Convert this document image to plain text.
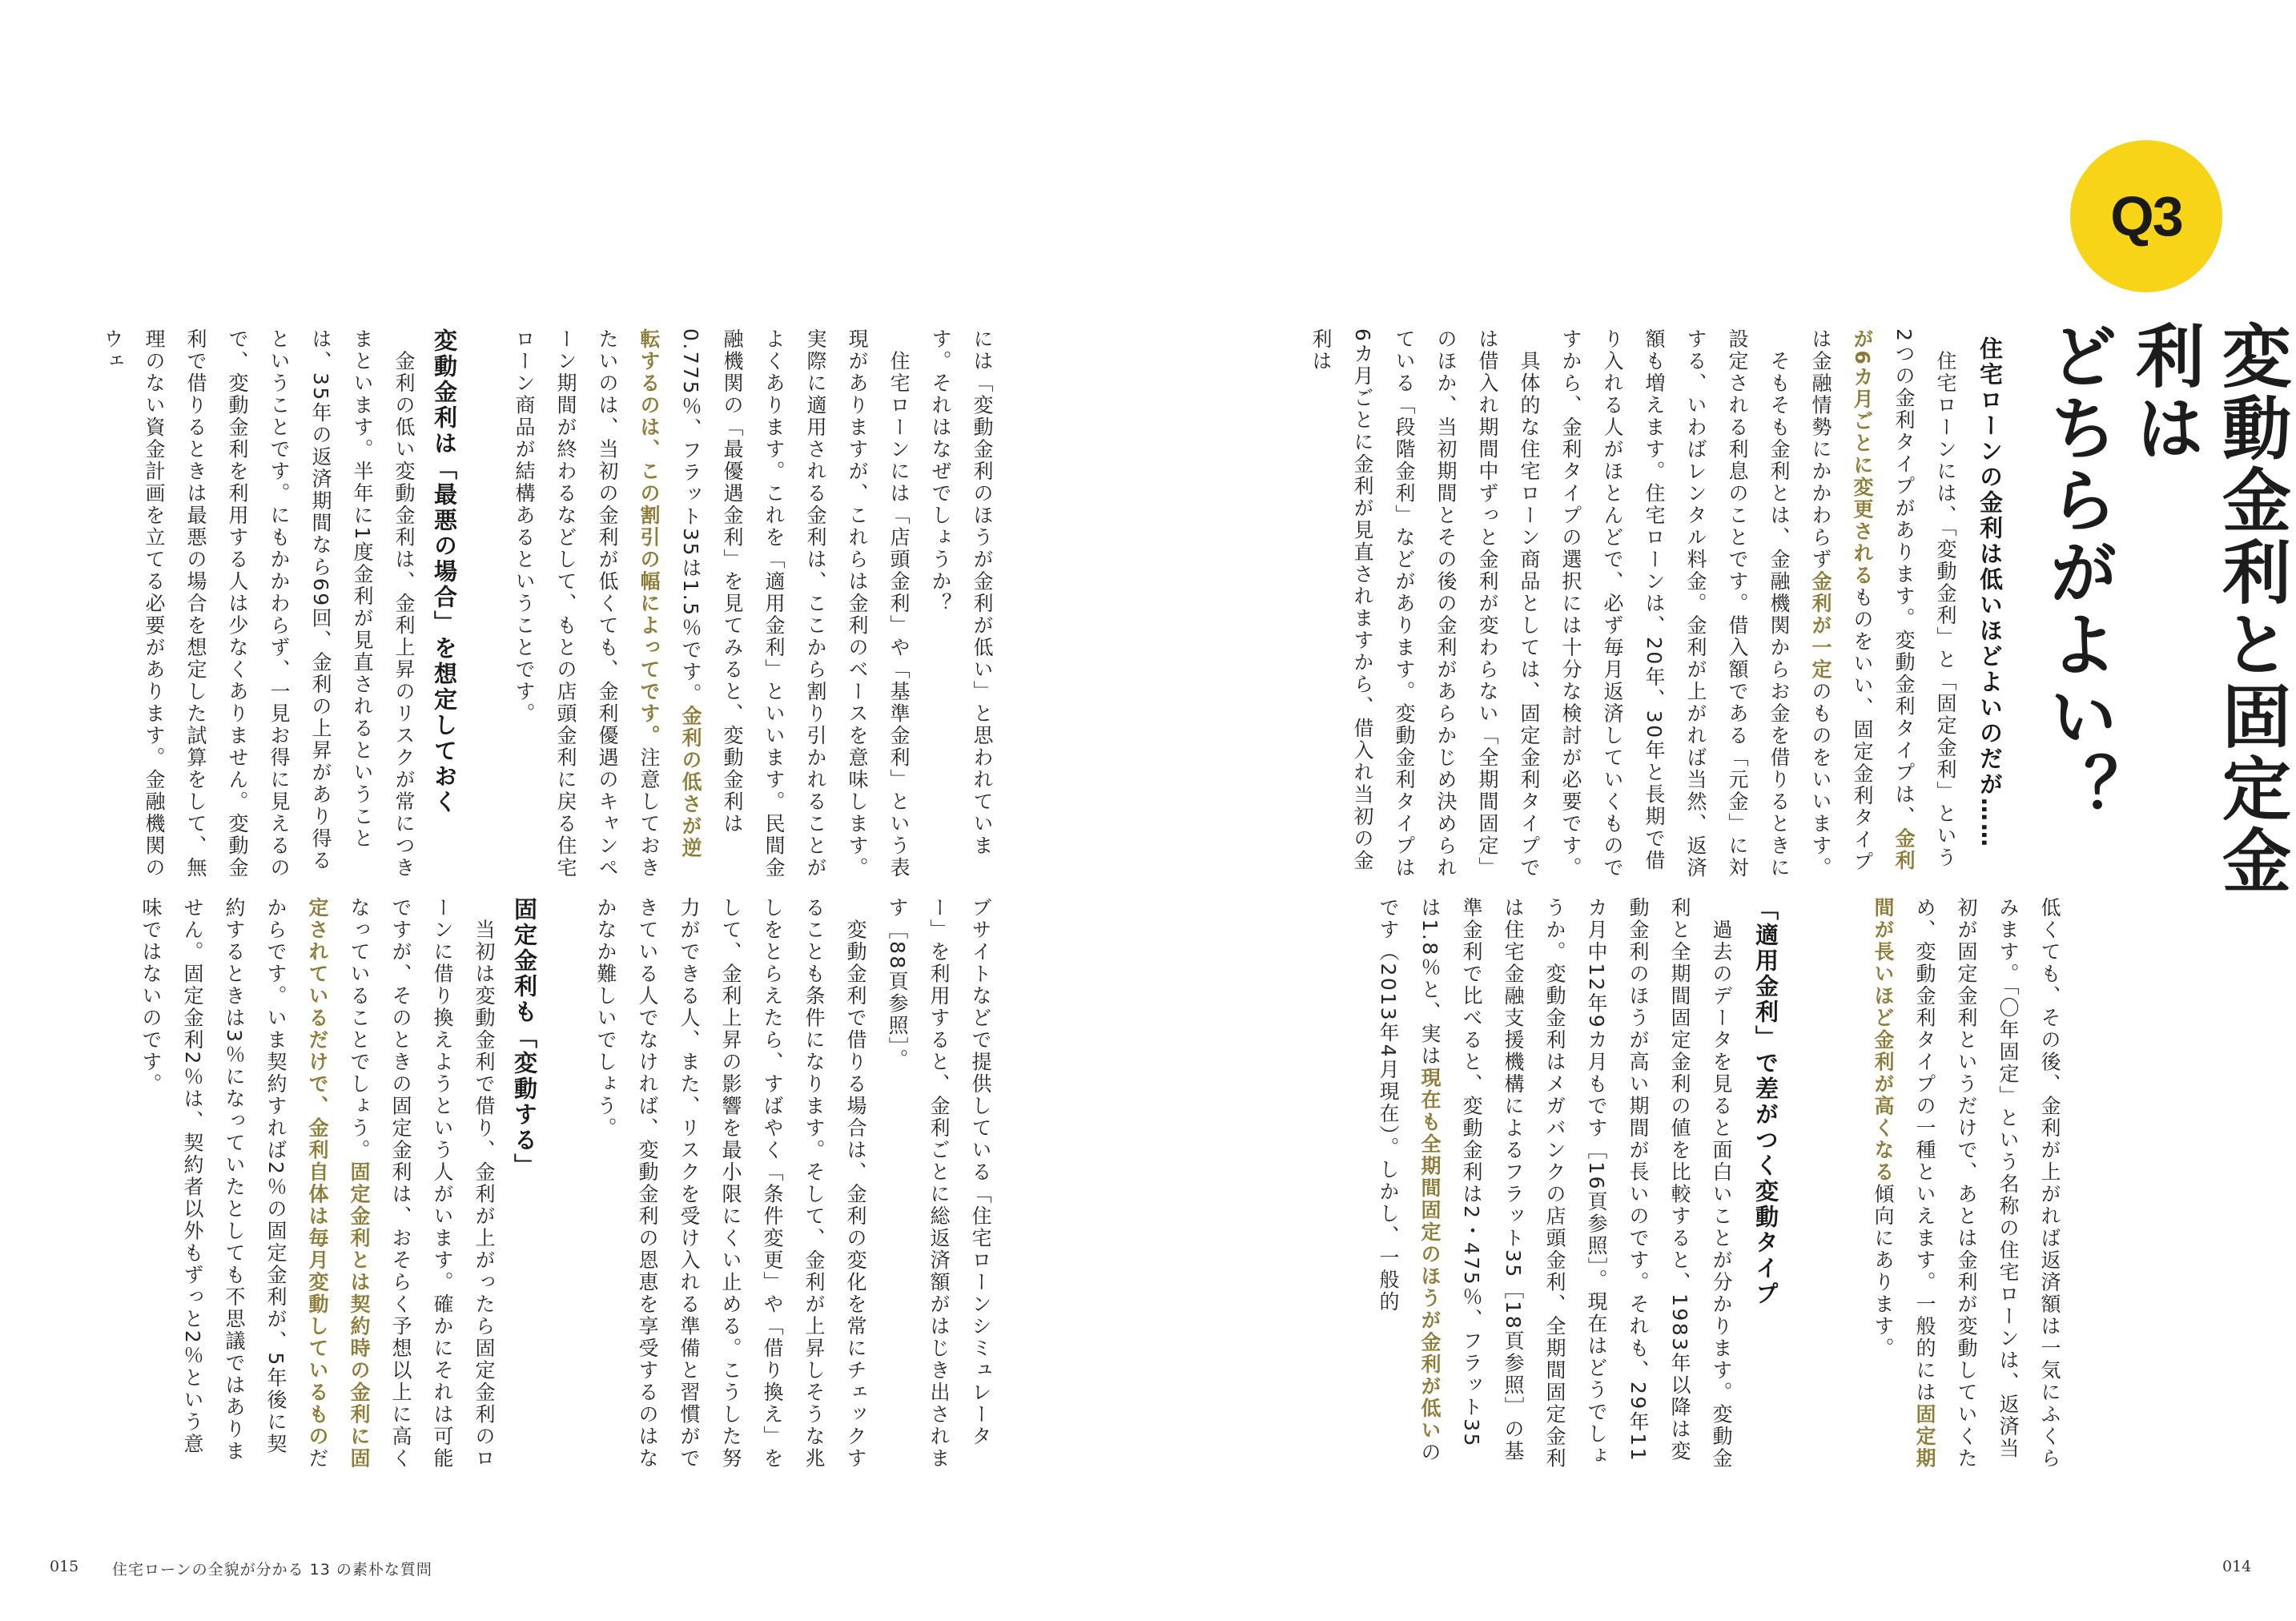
Q3
変動金利と固定金利は
どちらがよい？
住宅ローンの金利は低いほどよいのだが……
　住宅ローンには、「変動金利」と「固定金利」という2つの金利タイプがあります。変動金利タイプは、金利が6カ月ごとに変更されるものをいい、固定金利タイプは金融情勢にかかわらず金利が一定のものをいいます。
　そもそも金利とは、金融機関からお金を借りるときに設定される利息のことです。借入額である「元金」に対する、いわばレンタル料金。金利が上がれば当然、返済額も増えます。住宅ローンは、20年、30年と長期で借り入れる人がほとんどで、必ず毎月返済していくものですから、金利タイプの選択には十分な検討が必要です。
　具体的な住宅ローン商品としては、固定金利タイプでは借入れ期間中ずっと金利が変わらない「全期間固定」のほか、当初期間とその後の金利があらかじめ決められている「段階金利」などがあります。変動金利タイプは6カ月ごとに金利が見直されますから、借入れ当初の金利は
低くても、その後、金利が上がれば返済額は一気にふくらみます。「〇年固定」という名称の住宅ローンは、返済当初が固定金利というだけで、あとは金利が変動していくため、変動金利タイプの一種といえます。一般的には固定期間が長いほど金利が高くなる傾向にあります。
「適用金利」で差がつく変動タイプ
　過去のデータを見ると面白いことが分かります。変動金利と全期間固定金利の値を比較すると、1983年以降は変動金利のほうが高い期間が長いのです。それも、29年11カ月中12年9カ月もです［16頁参照］。現在はどうでしょうか。変動金利はメガバンクの店頭金利、全期間固定金利は住宅金融支援機構によるフラット35［18頁参照］の基準金利で比べると、変動金利は2・475％、フラット35は1.8％と、実は現在も全期間固定のほうが金利が低いのです（2013年4月現在）。しかし、一般的
には「変動金利のほうが金利が低い」と思われています。それはなぜでしょうか？
　住宅ローンには「店頭金利」や「基準金利」という表現がありますが、これらは金利のベースを意味します。実際に適用される金利は、ここから割り引かれることがよくあります。これを「適用金利」といいます。民間金融機関の「最優遇金利」を見てみると、変動金利は0.775％、フラット35は1.5％です。金利の低さが逆転するのは、この割引の幅によってです。注意しておきたいのは、当初の金利が低くても、金利優遇のキャンペーン期間が終わるなどして、もとの店頭金利に戻る住宅ローン商品が結構あるということです。
変動金利は「最悪の場合」を想定しておく
　金利の低い変動金利は、金利上昇のリスクが常につきまといます。半年に1度金利が見直されるということは、35年の返済期間なら69回、金利の上昇があり得るということです。にもかかわらず、一見お得に見えるので、変動金利を利用する人は少なくありません。変動金利で借りるときは最悪の場合を想定した試算をして、無理のない資金計画を立てる必要があります。金融機関のウェ
ブサイトなどで提供している「住宅ローンシミュレーター」を利用すると、金利ごとに総返済額がはじき出されます［88頁参照］。
　変動金利で借りる場合は、金利の変化を常にチェックすることも条件になります。そして、金利が上昇しそうな兆しをとらえたら、すばやく「条件変更」や「借り換え」をして、金利上昇の影響を最小限にくい止める。こうした努力ができる人、また、リスクを受け入れる準備と習慣ができている人でなければ、変動金利の恩恵を享受するのはなかなか難しいでしょう。
固定金利も「変動する」
　当初は変動金利で借り、金利が上がったら固定金利のローンに借り換えようという人がいます。確かにそれは可能ですが、そのときの固定金利は、おそらく予想以上に高くなっていることでしょう。固定金利とは契約時の金利に固定されているだけで、金利自体は毎月変動しているものだからです。いま契約すれば2％の固定金利が、5年後に契約するときは3％になっていたとしても不思議ではありません。固定金利2％は、契約者以外もずっと2％という意味ではないのです。
015 住宅ローンの全貌が分かる 13 の素朴な質問	014
